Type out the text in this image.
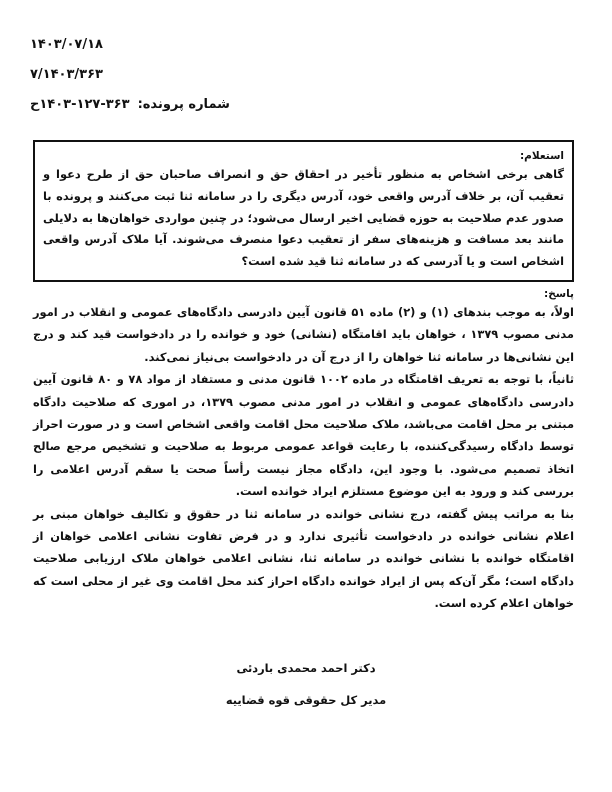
۱۴۰۳/۰۷/۱۸
۷/۱۴۰۳/۳۶۳
شماره پرونده:۳۶۳-۱۲۷-۱۴۰۳ح
استعلام:
گاهی برخی اشخاص به منظور تأخیر در احقاق حق و انصراف صاحبان حق از طرح دعوا و تعقیب آن، بر خلاف آدرس واقعی خود، آدرس دیگری را در سامانه ثنا ثبت می‌کنند و پرونده با صدور عدم صلاحیت به حوزه قضایی اخیر ارسال می‌شود؛ در چنین مواردی خواهان‌ها به دلایلی مانند بعد مسافت و هزینه‌های سفر از تعقیب دعوا منصرف می‌شوند. آیا ملاک آدرس واقعی اشخاص است و یا آدرسی که در سامانه ثنا قید شده است؟
پاسخ:

اولاً، به موجب بندهای (۱) و (۲) ماده ۵۱ قانون آیین دادرسی دادگاه‌های عمومی و انقلاب در امور مدنی مصوب ۱۳۷۹ ، خواهان باید اقامتگاه (نشانی) خود و خوانده را در دادخواست قید کند و درج این نشانی‌ها در سامانه ثنا خواهان را از درج آن در دادخواست بی‌نیاز نمی‌کند.

ثانیاً، با توجه به تعریف اقامتگاه در ماده ۱۰۰۲ قانون مدنی و مستفاد از مواد ۷۸ و ۸۰ قانون آیین دادرسی دادگاه‌های عمومی و انقلاب در امور مدنی مصوب ۱۳۷۹، در اموری که صلاحیت دادگاه مبتنی بر محل اقامت می‌باشد، ملاک صلاحیت محل اقامت واقعی اشخاص است و در صورت احراز توسط دادگاه رسیدگی‌کننده، با رعایت قواعد عمومی مربوط به صلاحیت و تشخیص مرجع صالح اتخاذ تصمیم می‌شود. با وجود این، دادگاه مجاز نیست رأساً صحت یا سقم آدرس اعلامی را بررسی کند و ورود به این موضوع مستلزم ایراد خوانده است.

بنا به مراتب پیش گفته، درج نشانی خوانده در سامانه ثنا در حقوق و تکالیف خواهان مبنی بر اعلام نشانی خوانده در دادخواست تأثیری ندارد و در فرض تفاوت نشانی اعلامی خواهان از اقامتگاه خوانده با نشانی خوانده در سامانه ثنا، نشانی اعلامی خواهان ملاک ارزیابی صلاحیت دادگاه است؛ مگر آن‌که پس از ایراد خوانده دادگاه احراز کند محل اقامت وی غیر از محلی است که خواهان اعلام کرده است.

دکتر احمد محمدی باردئی
مدیر کل حقوقی قوه قضاییه
